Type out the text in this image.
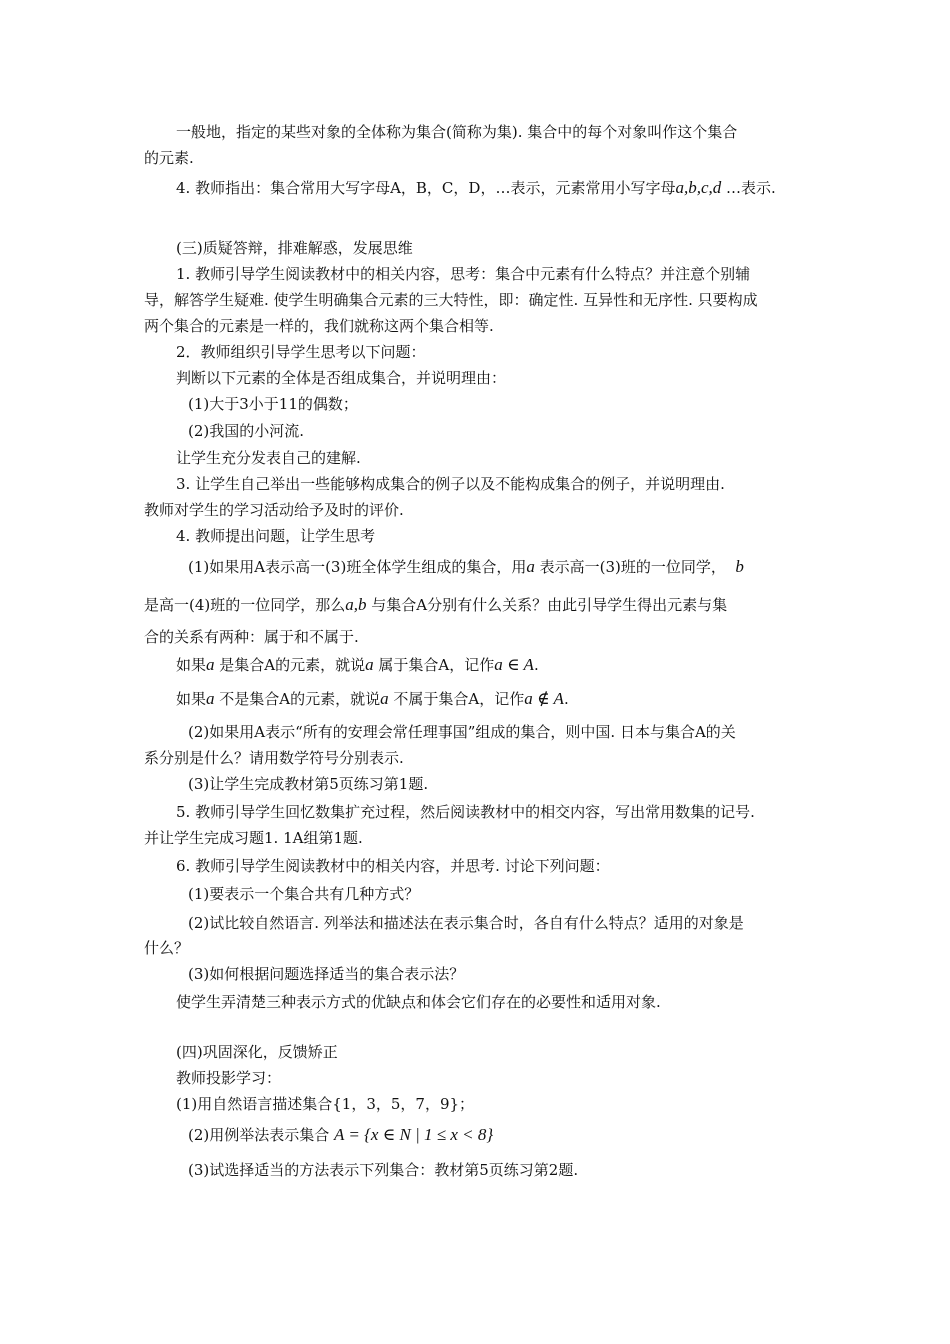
一般地，指定的某些对象的全体称为集合(简称为集). 集合中的每个对象叫作这个集合
的元素.
4. 教师指出：集合常用大写字母A，B，C，D，…表示，元素常用小写字母a,b,c,d …表示.
(三)质疑答辩，排难解惑，发展思维
1. 教师引导学生阅读教材中的相关内容，思考：集合中元素有什么特点？并注意个别辅
导，解答学生疑难. 使学生明确集合元素的三大特性，即：确定性. 互异性和无序性. 只要构成
两个集合的元素是一样的，我们就称这两个集合相等.
2．教师组织引导学生思考以下问题：
判断以下元素的全体是否组成集合，并说明理由：
(1)大于3小于11的偶数；
(2)我国的小河流.
让学生充分发表自己的建解.
3. 让学生自己举出一些能够构成集合的例子以及不能构成集合的例子，并说明理由.
教师对学生的学习活动给予及时的评价.
4. 教师提出问题，让学生思考
(1)如果用A表示高一(3)班全体学生组成的集合，用a 表示高一(3)班的一位同学， b
是高一(4)班的一位同学，那么a,b 与集合A分别有什么关系？由此引导学生得出元素与集
合的关系有两种：属于和不属于.
如果a 是集合A的元素，就说a 属于集合A，记作a ∈ A.
如果a 不是集合A的元素，就说a 不属于集合A，记作a ∉ A.
(2)如果用A表示“所有的安理会常任理事国”组成的集合，则中国. 日本与集合A的关
系分别是什么？请用数学符号分别表示.
(3)让学生完成教材第5页练习第1题.
5. 教师引导学生回忆数集扩充过程，然后阅读教材中的相交内容，写出常用数集的记号.
并让学生完成习题1. 1A组第1题.
6. 教师引导学生阅读教材中的相关内容，并思考. 讨论下列问题：
(1)要表示一个集合共有几种方式？
(2)试比较自然语言. 列举法和描述法在表示集合时，各自有什么特点？适用的对象是
什么？
(3)如何根据问题选择适当的集合表示法？
使学生弄清楚三种表示方式的优缺点和体会它们存在的必要性和适用对象.
(四)巩固深化，反馈矫正
教师投影学习：
(1)用自然语言描述集合{1，3，5，7，9}；
(2)用例举法表示集合 A = {x ∈ N | 1 ≤ x < 8}
(3)试选择适当的方法表示下列集合：教材第5页练习第2题.
